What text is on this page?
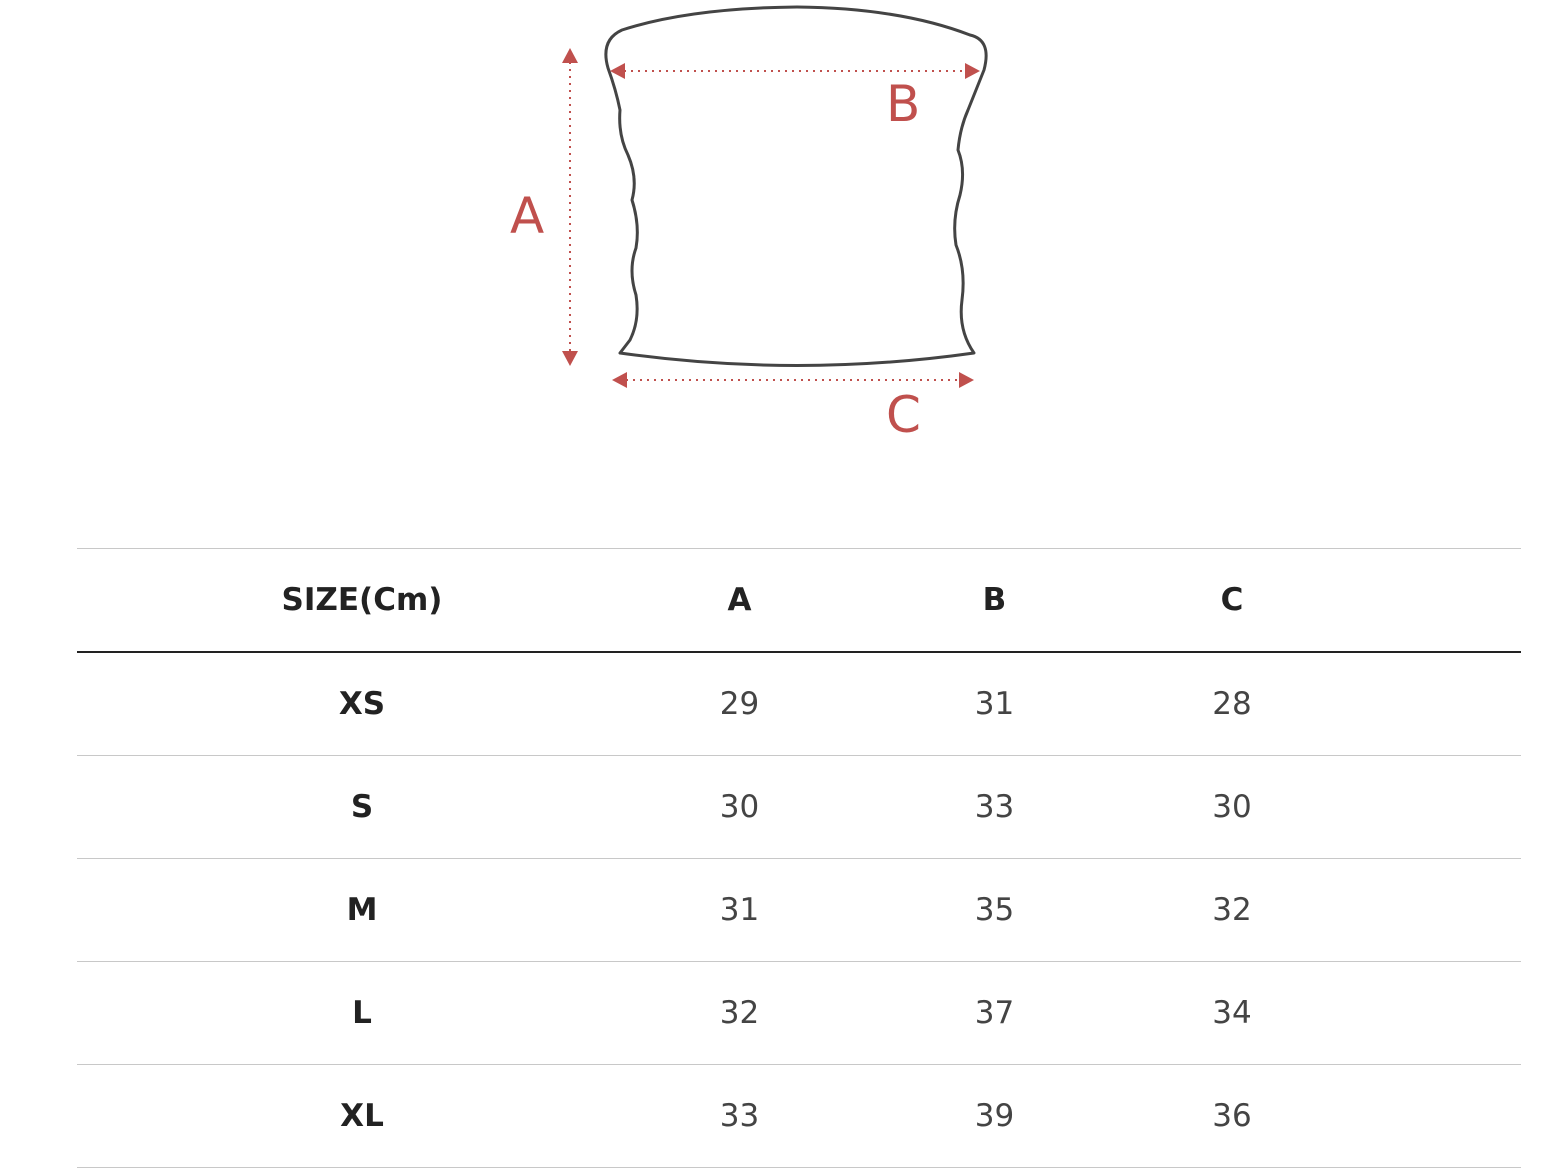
A
B
C
SIZE(Cm)	A	B	C	
XS	29	31	28	
S	30	33	30	
M	31	35	32	
L	32	37	34	
XL	33	39	36	
